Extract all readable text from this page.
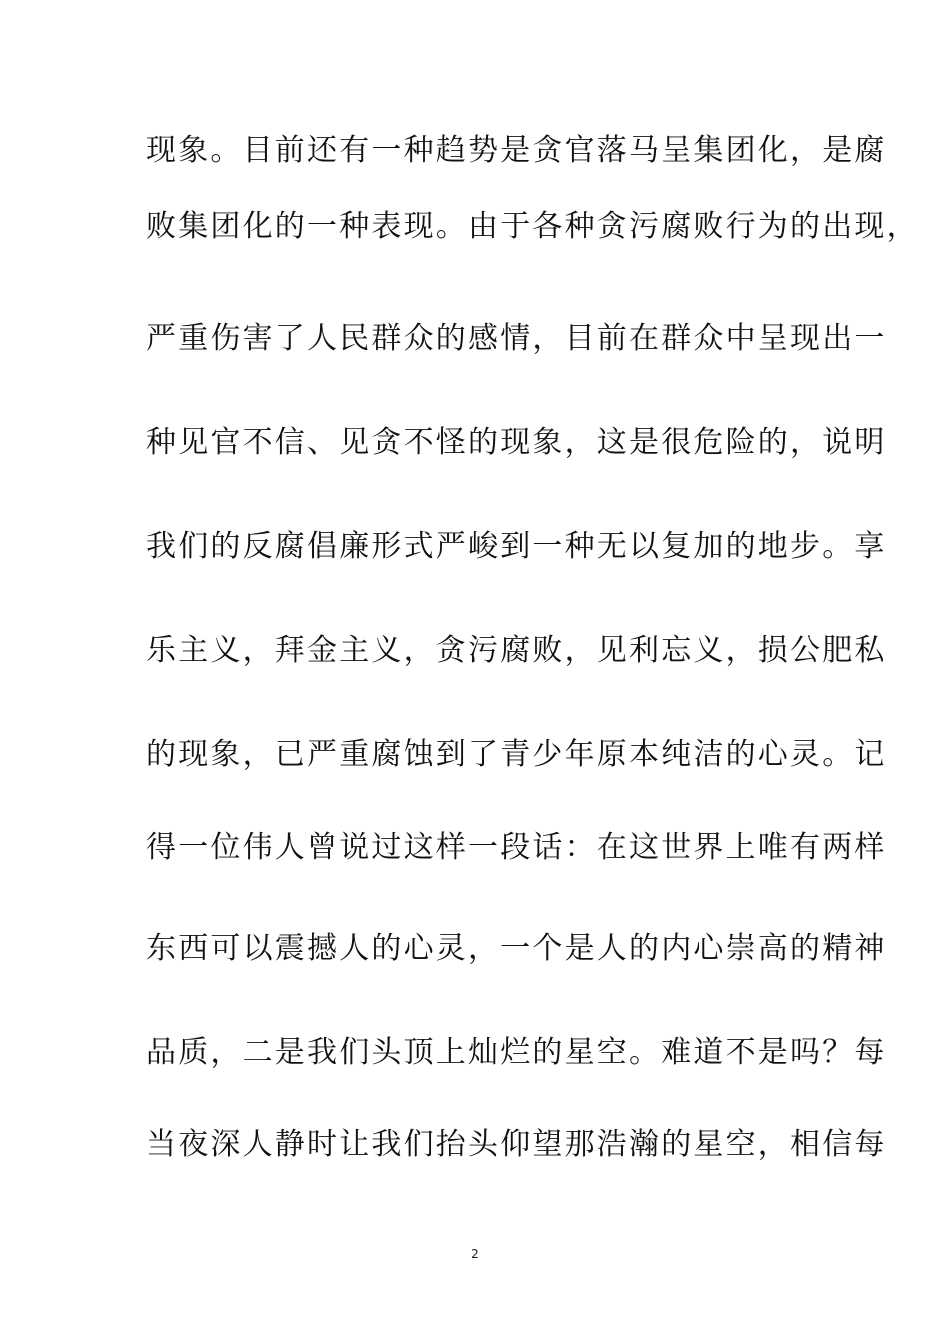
现象。目前还有一种趋势是贪官落马呈集团化，是腐
败集团化的一种表现。由于各种贪污腐败行为的出现，
严重伤害了人民群众的感情，目前在群众中呈现出一
种见官不信、见贪不怪的现象，这是很危险的，说明
我们的反腐倡廉形式严峻到一种无以复加的地步。享
乐主义，拜金主义，贪污腐败，见利忘义，损公肥私
的现象，已严重腐蚀到了青少年原本纯洁的心灵。记
得一位伟人曾说过这样一段话：在这世界上唯有两样
东西可以震撼人的心灵，一个是人的内心崇高的精神
品质，二是我们头顶上灿烂的星空。难道不是吗？每
当夜深人静时让我们抬头仰望那浩瀚的星空，相信每
2
